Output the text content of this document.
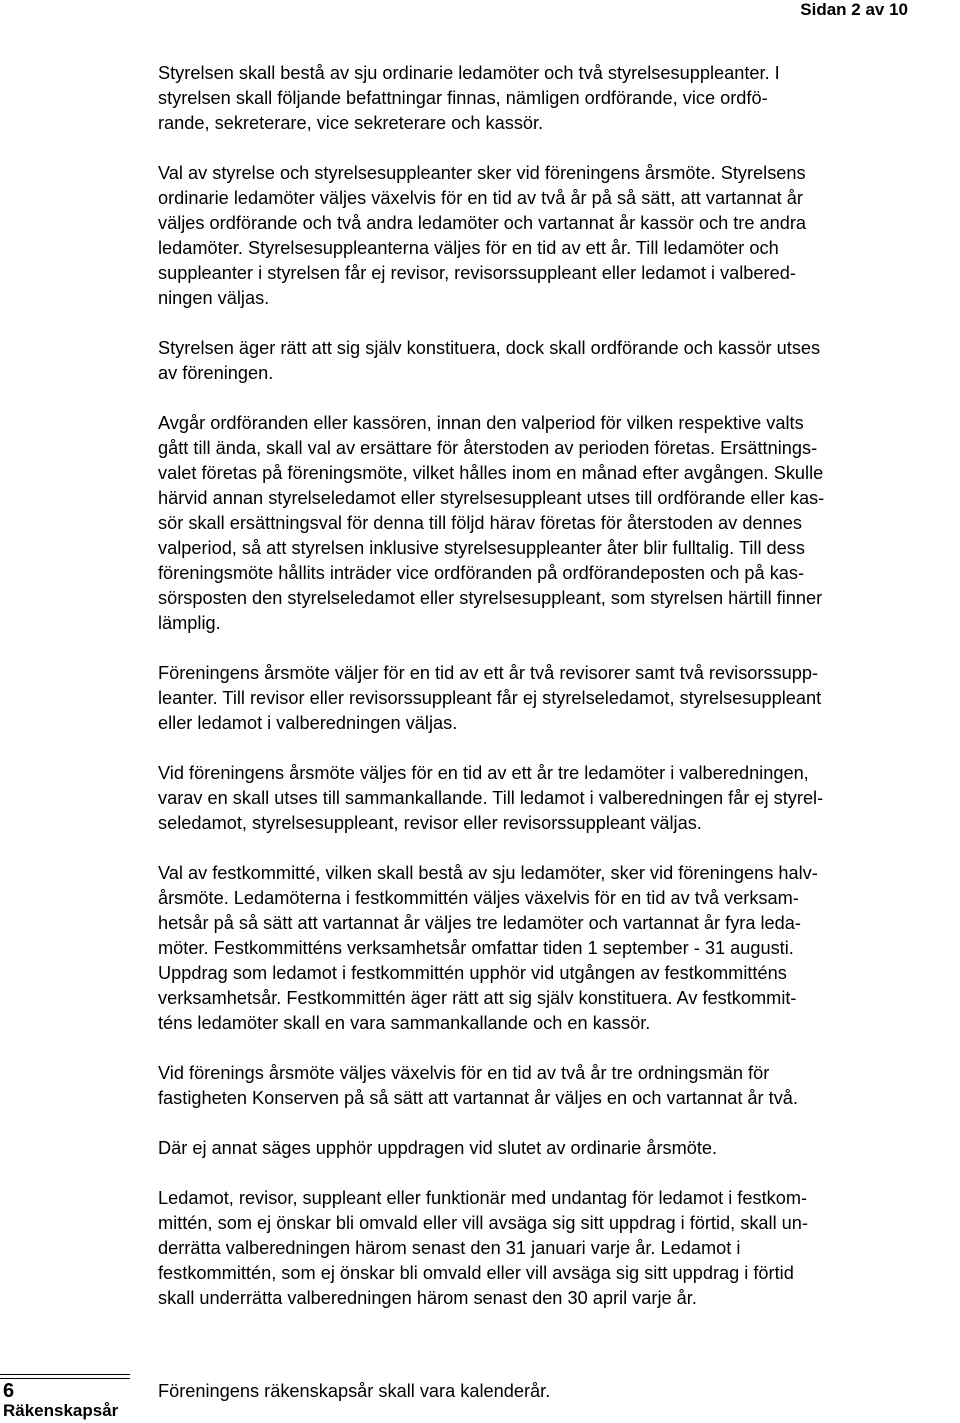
Sidan 2 av 10

Styrelsen skall bestå av sju ordinarie ledamöter och två styrelsesuppleanter. I
styrelsen skall följande befattningar finnas, nämligen ordförande, vice ordfö-
rande, sekreterare, vice sekreterare och kassör.

Val av styrelse och styrelsesuppleanter sker vid föreningens årsmöte. Styrelsens
ordinarie ledamöter väljes växelvis för en tid av två år på så sätt, att vartannat år
väljes ordförande och två andra ledamöter och vartannat år kassör och tre andra
ledamöter. Styrelsesuppleanterna väljes för en tid av ett år. Till ledamöter och
suppleanter i styrelsen får ej revisor, revisorssuppleant eller ledamot i valbered-
ningen väljas.

Styrelsen äger rätt att sig själv konstituera, dock skall ordförande och kassör utses
av föreningen.

Avgår ordföranden eller kassören, innan den valperiod för vilken respektive valts
gått till ända, skall val av ersättare för återstoden av perioden företas. Ersättnings-
valet företas på föreningsmöte, vilket hålles inom en månad efter avgången. Skulle
härvid annan styrelseledamot eller styrelsesuppleant utses till ordförande eller kas-
sör skall ersättningsval för denna till följd härav företas för återstoden av dennes
valperiod, så att styrelsen inklusive styrelsesuppleanter åter blir fulltalig. Till dess
föreningsmöte hållits inträder vice ordföranden på ordförandeposten och på kas-
sörsposten den styrelseledamot eller styrelsesuppleant, som styrelsen härtill finner
lämplig.

Föreningens årsmöte väljer för en tid av ett år två revisorer samt två revisorssupp-
leanter. Till revisor eller revisorssuppleant får ej styrelseledamot, styrelsesuppleant
eller ledamot i valberedningen väljas.

Vid föreningens årsmöte väljes för en tid av ett år tre ledamöter i valberedningen,
varav en skall utses till sammankallande. Till ledamot i valberedningen får ej styrel-
seledamot, styrelsesuppleant, revisor eller revisorssuppleant väljas.

Val av festkommitté, vilken skall bestå av sju ledamöter, sker vid föreningens halv-
årsmöte. Ledamöterna i festkommittén väljes växelvis för en tid av två verksam-
hetsår på så sätt att vartannat år väljes tre ledamöter och vartannat år fyra leda-
möter. Festkommitténs verksamhetsår omfattar tiden 1 september - 31 augusti.
Uppdrag som ledamot i festkommittén upphör vid utgången av festkommitténs
verksamhetsår. Festkommittén äger rätt att sig själv konstituera. Av festkommit-
téns ledamöter skall en vara sammankallande och en kassör.

Vid förenings årsmöte väljes växelvis för en tid av två år tre ordningsmän för
fastigheten Konserven på så sätt att vartannat år väljes en och vartannat år två.

Där ej annat säges upphör uppdragen vid slutet av ordinarie årsmöte.

Ledamot, revisor, suppleant eller funktionär med undantag för ledamot i festkom-
mittén, som ej önskar bli omvald eller vill avsäga sig sitt uppdrag i förtid, skall un-
derrätta valberedningen härom senast den 31 januari varje år. Ledamot i
festkommittén, som ej önskar bli omvald eller vill avsäga sig sitt uppdrag i förtid
skall underrätta valberedningen härom senast den 30 april varje år.

6
Räkenskapsår
Föreningens räkenskapsår skall vara kalenderår.
